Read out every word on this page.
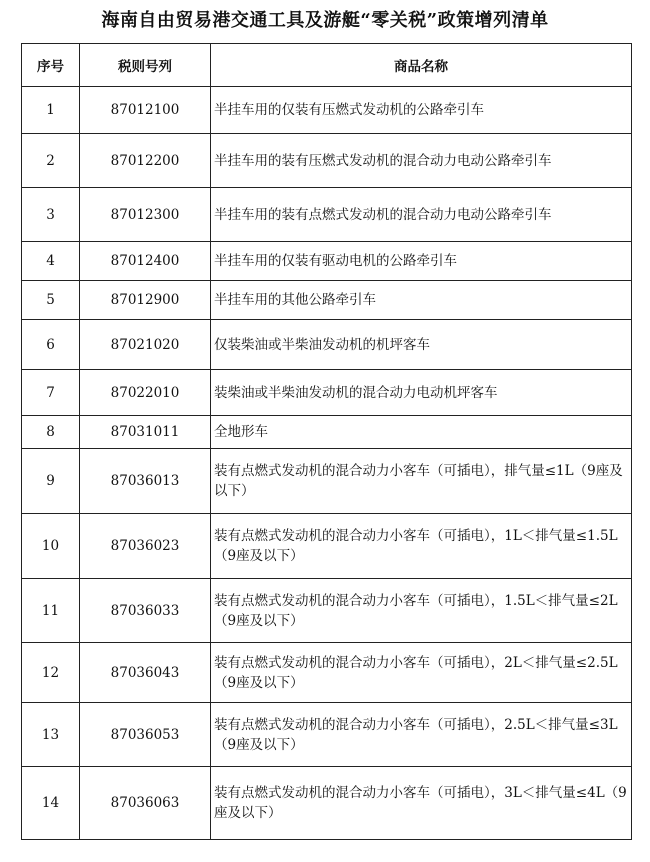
海南自由贸易港交通工具及游艇“零关税”政策增列清单
序号	税则号列	商品名称
1	87012100	半挂车用的仅装有压燃式发动机的公路牵引车
2	87012200	半挂车用的装有压燃式发动机的混合动力电动公路牵引车
3	87012300	半挂车用的装有点燃式发动机的混合动力电动公路牵引车
4	87012400	半挂车用的仅装有驱动电机的公路牵引车
5	87012900	半挂车用的其他公路牵引车
6	87021020	仅装柴油或半柴油发动机的机坪客车
7	87022010	装柴油或半柴油发动机的混合动力电动机坪客车
8	87031011	全地形车
9	87036013	装有点燃式发动机的混合动力小客车（可插电），排气量≤1L（9座及以下）
10	87036023	装有点燃式发动机的混合动力小客车（可插电），1L＜排气量≤1.5L（9座及以下）
11	87036033	装有点燃式发动机的混合动力小客车（可插电），1.5L＜排气量≤2L（9座及以下）
12	87036043	装有点燃式发动机的混合动力小客车（可插电），2L＜排气量≤2.5L（9座及以下）
13	87036053	装有点燃式发动机的混合动力小客车（可插电），2.5L＜排气量≤3L（9座及以下）
14	87036063	装有点燃式发动机的混合动力小客车（可插电），3L＜排气量≤4L（9座及以下）
